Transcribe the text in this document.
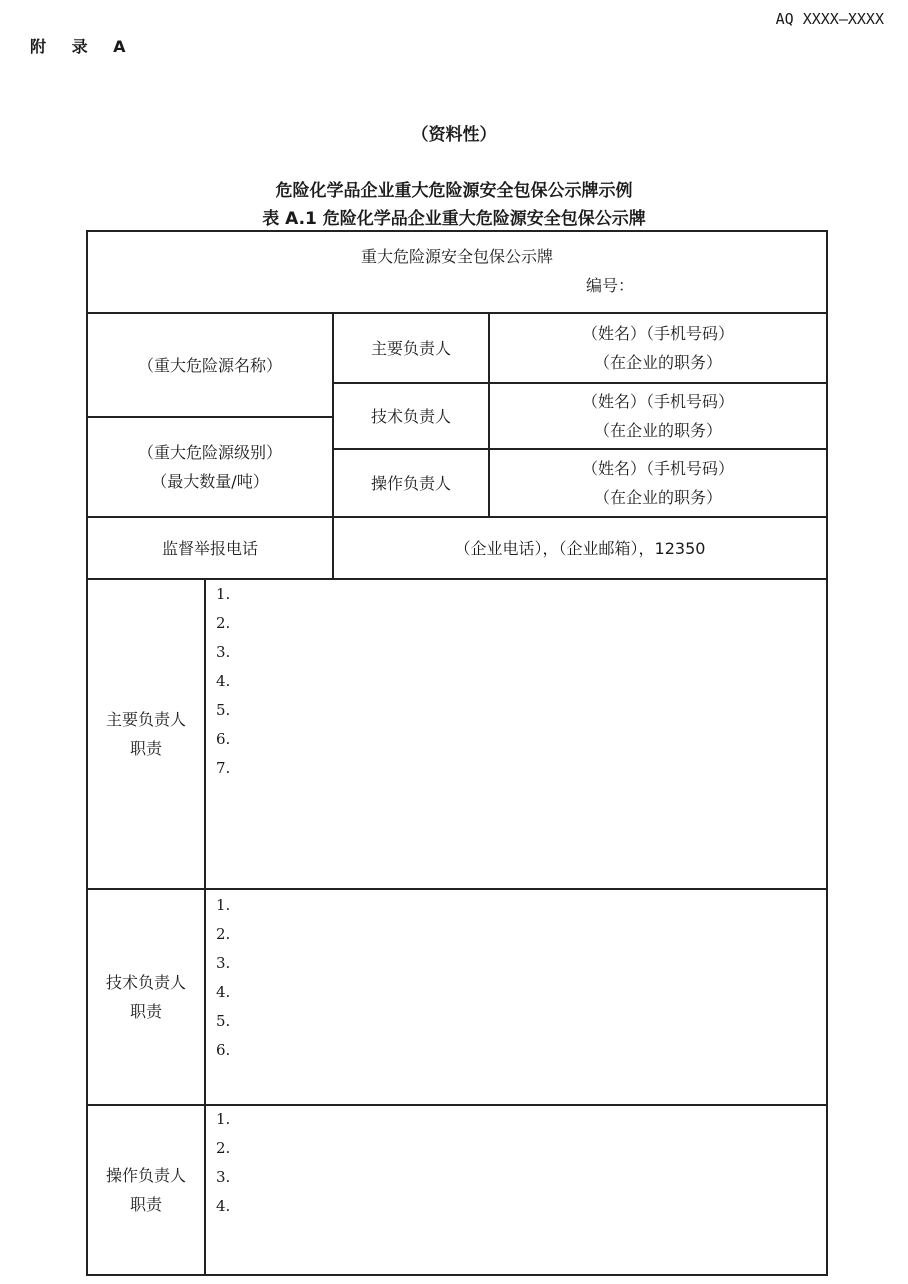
AQ XXXX—XXXX
附 录 A
（资料性）
危险化学品企业重大危险源安全包保公示牌示例
表 A.1 危险化学品企业重大危险源安全包保公示牌
重大危险源安全包保公示牌
编号：
（重大危险源名称）
（重大危险源级别）
（最大数量/吨）
主要负责人
（姓名）（手机号码）
（在企业的职务）
技术负责人
（姓名）（手机号码）
（在企业的职务）
操作负责人
（姓名）（手机号码）
（在企业的职务）
监督举报电话	（企业电话），（企业邮箱），12350
主要负责人
职责
1.
2.
3.
4.
5.
6.
7.
技术负责人
职责
1.
2.
3.
4.
5.
6.
操作负责人
职责
1.
2.
3.
4.
